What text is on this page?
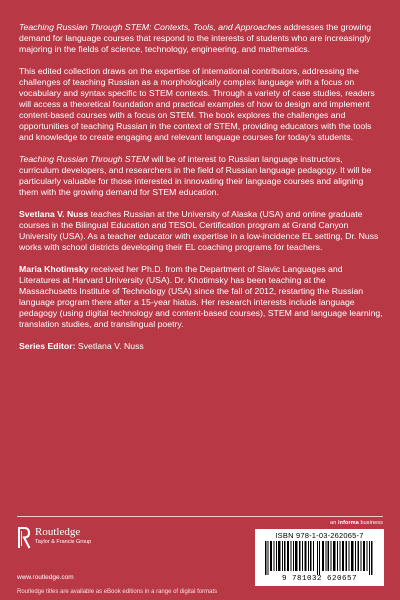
Teaching Russian Through STEM: Contexts, Tools, and Approaches addresses the growing demand for language courses that respond to the interests of students who are increasingly majoring in the fields of science, technology, engineering, and mathematics.

This edited collection draws on the expertise of international contributors, addressing the challenges of teaching Russian as a morphologically complex language with a focus on vocabulary and syntax specific to STEM contexts. Through a variety of case studies, readers will access a theoretical foundation and practical examples of how to design and implement content-based courses with a focus on STEM. The book explores the challenges and opportunities of teaching Russian in the context of STEM, providing educators with the tools and knowledge to create engaging and relevant language courses for today’s students.

Teaching Russian Through STEM will be of interest to Russian language instructors, curriculum developers, and researchers in the field of Russian language pedagogy. It will be particularly valuable for those interested in innovating their language courses and aligning them with the growing demand for STEM education.

Svetlana V. Nuss teaches Russian at the University of Alaska (USA) and online graduate courses in the Bilingual Education and TESOL Certification program at Grand Canyon University (USA). As a teacher educator with expertise in a low-incidence EL setting, Dr. Nuss works with school districts developing their EL coaching programs for teachers.

Maria Khotimsky received her Ph.D. from the Department of Slavic Languages and Literatures at Harvard University (USA). Dr. Khotimsky has been teaching at the Massachusetts Institute of Technology (USA) since the fall of 2012, restarting the Russian language program there after a 15-year hiatus. Her research interests include language pedagogy (using digital technology and content-based courses), STEM and language learning, translation studies, and translingual poetry.

Series Editor: Svetlana V. Nuss

an informa business
Routledge
Taylor & Francis Group
www.routledge.com
Routledge titles are available as eBook editions in a range of digital formats
ISBN 978-1-03-262065-7
9 781032 620657
